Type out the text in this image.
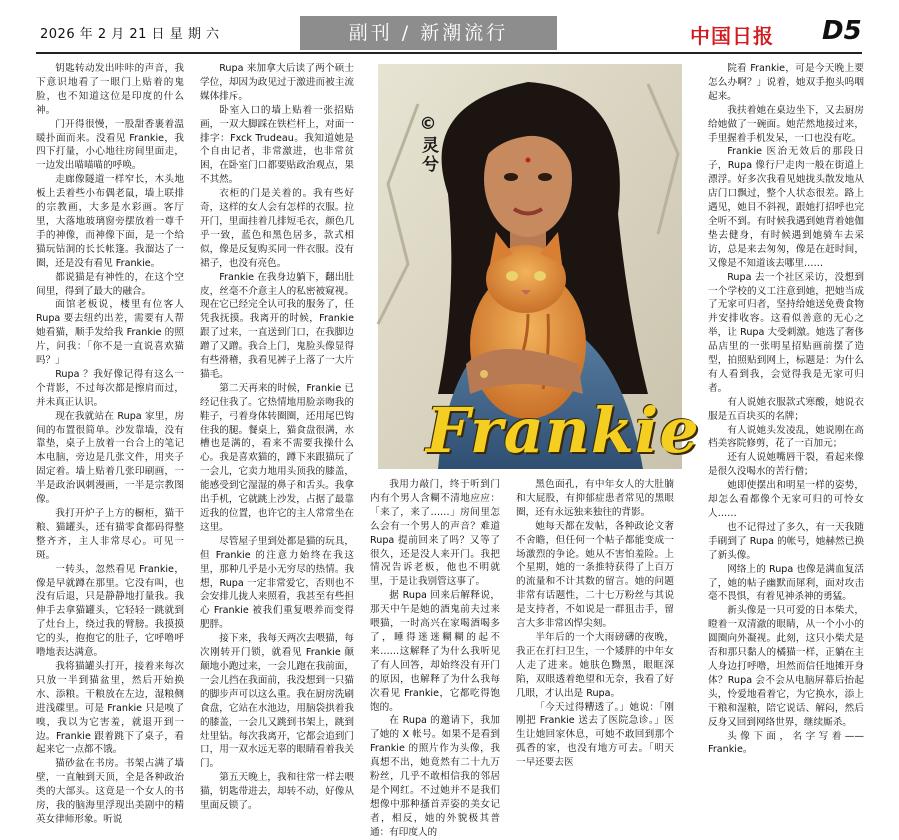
2026 年 2 月 21 日 星 期 六	副刊 / 新潮流行	中国日报 D5

钥匙转动发出咔咔的声音，我下意识地看了一眼门上贴着的鬼脸，也不知道这位是印度的什么神。

门开得很慢，一股甜香裹着温暖扑面而来。没看见 Frankie，我四下打量，小心地往房间里面走，一边发出喵喵喵的呼唤。

走廊像隧道一样窄长，木头地板上丢着些小布偶老鼠，墙上联排的宗教画，大多是水彩画。客厅里，大落地玻璃窗旁摆放着一尊千手的神像，而神像下面，是一个给猫玩钻洞的长长帐篷。我溜达了一圈，还是没有看见 Frankie。

都说猫是有神性的，在这个空间里，得到了最大的融合。

面馆老板说，楼里有位客人 Rupa 要去纽约出差，需要有人帮她看猫，顺手发给我 Frankie 的照片，问我：「你不是一直说喜欢猫吗？」

Rupa ？我好像记得有这么一个背影，不过每次都是擦肩而过，并未真正认识。

现在我就站在 Rupa 家里，房间的布置很简单。沙发靠墙，没有靠垫，桌子上放着一台合上的笔记本电脑，旁边是几张文件，用夹子固定着。墙上贴着几张印刷画，一半是政治讽刺漫画，一半是宗教图像。

我打开炉子上方的橱柜，猫干粮、猫罐头，还有猫零食都码得整整齐齐，主人非常尽心。可见一斑。

一转头，忽然看见 Frankie，像是早就蹲在那里。它没有叫，也没有后退，只是静静地打量我。我伸手去拿猫罐头，它轻轻一跳就到了灶台上，绕过我的臂膀。我摸摸它的头，抱抱它的肚子，它呼噜呼噜地表达满意。

我将猫罐头打开，接着来每次只放一半到猫盆里，然后开始换水、添粮。干粮放在左边，湿粮侧进浅碟里。可是 Frankie 只是嗅了嗅，我以为它害羞，就退开到一边。Frankie 跟着跳下了桌子，看起来它一点都不饿。

猫砂盆在书房。书架占满了墙壁，一直触到天顶，全是各种政治类的大部头。这竟是一个女人的书房，我的脑海里浮现出美剧中的精英女律师形象。听说

Rupa 来加拿大后读了两个硕士学位，却因为政见过于激进而被主流媒体排斥。

卧室入口的墙上贴着一张招贴画，一双大脚踩在铁栏杆上，对面一排字：Fxck Trudeau。我知道她是个自由记者，非常激进，也非常贫困，在卧室门口都要贴政治观点，果不其然。

衣柜的门是关着的。我有些好奇，这样的女人会有怎样的衣服。拉开门，里面挂着几排短毛衣，颜色几乎一致，蓝色和黑色居多，款式相似，像是反复购买同一件衣服。没有裙子，也没有亮色。

Frankie 在我身边躺下，翻出肚皮，丝毫不介意主人的私密被窥视。现在它已经完全认可我的服务了，任凭我抚摸。我离开的时候，Frankie 跟了过来，一直送到门口，在我脚边蹭了又蹭。我合上门，鬼脸头像显得有些滑稽，我看见裤子上落了一大片猫毛。

第二天再来的时候，Frankie 已经记住我了。它热情地用脸亲吻我的鞋子，弓着身体转圈圈，还用尾巴钩住我的腿。餐桌上，猫食盘很满，水槽也是满的，看来不需要我操什么心。我是喜欢猫的，蹲下来跟猫玩了一会儿，它卖力地用头顶我的膝盖，能感受到它湿湿的鼻子和舌头。我拿出手机，它就跳上沙发，占据了最靠近我的位置，也许它的主人常常坐在这里。

尽管屋子里到处都是猫的玩具，但 Frankie 的注意力始终在我这里，那种几乎是小无穷尽的热情。我想，Rupa 一定非常爱它，否则也不会安排儿拢人来照看，我甚至有些担心 Frankie 被我们重复喂养而变得肥胖。

接下来，我每天两次去喂猫，每次刚转开门锁，就看见 Frankie 颠颠地小跑过来，一会儿跑在我前面，一会儿挡在我面前，我没想到一只猫的脚步声可以这么重。我在厨房洗刷食盘，它站在水池边，用脑袋拱着我的膝盖，一会儿又跳到书架上，跳到灶里钻。每次我离开，它都会追到门口，用一双水远无辜的眼睛看着我关门。

第五天晚上，我和往常一样去喂猫，钥匙带进去，却转不动，好像从里面反锁了。

©灵兮
Frankie

我用力敲门，终于听到门内有个男人含糊不清地应应：「来了，来了……」房间里怎么会有一个男人的声音？难道 Rupa 提前回来了吗？又等了很久，还是没人来开门。我把情况告诉老板，他也不明就里，于是让我别管这事了。

据 Rupa 回来后解释说，那天中午是她的酒鬼前夫过来喂猫，一时高兴在家喝酒喝多了，睡得迷迷糊糊的起不来……这解释了为什么我听见了有人回答，却始终没有开门的原因，也解释了为什么我每次看见 Frankie，它都吃得饱饱的。

在 Rupa 的邀请下，我加了她的 X 帐号。如果不是看到 Frankie 的照片作为头像，我真想不出，她竟然有二十九万粉丝，几乎不敢相信我的邻居是个网红。不过她并不是我们想像中那种搔首弄姿的美女记者，相反，她的外貌极其普通：有印度人的

黑色面孔，有中年女人的大肚腩和大屁股，有抑郁症患者常见的黑眼圈，还有永远独来独往的背影。

她每天都在发帖，各种政论文奢不舍瞻，但任何一个帖子都能变成一场激烈的争论。她从不害怕羞险。上个星期，她的一条推特获得了上百万的流量和不计其数的留言。她的问题非常有话题性，二十七万粉丝与其说是支持者，不如说是一群狙击手，留言大多非常凶悍尖刻。

半年后的一个大雨磅礴的夜晚，我正在打扫卫生，一个矮胖的中年女人走了进来。她肤色黝黑，眼眶深陷，双眼透着绝望和无奈，我看了好几眼，才认出是 Rupa。

「今天过得糟透了。」她说：「刚刚把 Frankie 送去了医院急诊。」医生让她回家休息，可她不敢回到那个孤香的家，也没有地方可去。「明天一早还要去医

院看 Frankie，可是今天晚上要怎么办啊？」说着，她双手抱头呜咽起来。

我扶着她在桌边坐下，又去厨房给她做了一碗面。她茫然地接过来，手里握着手机发呆，一口也没有吃。

Frankie 医治无效后的那段日子，Rupa 像行尸走肉一般在街道上漂浮。好多次我看见她拢头散发地从店门口飘过，整个人状态很差。路上遇见，她目不斜视，跟她打招呼也完全听不到。有时候我遇到她背着她伽垫去健身，有时候遇到她骑车去采访，总是来去匆匆，像是在赶时间，又像是不知道该去哪里……

Rupa 去一个社区采访，没想到一个学校的义工注意到她，把她当成了无家可归者，坚持给她送免费食物并安排收容。这看似善意的无心之举，让 Rupa 大受刺激。她选了奢侈品店里的一张明星招贴画前摆了造型，拍照贴到网上，标题是：为什么有人看到我，会觉得我是无家可归者。

有人说她衣服款式寒酸，她说衣服是五百块买的名牌；

有人说她头发凌乱，她说刚在高档美容院修剪，花了一百加元；

还有人说她嘴唇干裂，看起来像是很久没喝水的苦行僧；

她即使摆出和明星一样的姿势，却怎么看都像个无家可归的可怜女人……

也不记得过了多久，有一天我随手刷到了 Rupa 的帐号，她赫然已换了新头像。

网络上的 Rupa 也像是满血复活了，她的帖子幽默而犀利，面对攻击毫不畏惧，有着见神杀神的勇猛。

新头像是一只可爱的日本柴犬，瞪着一双清澈的眼睛，从一个小小的圆圈向外凝视。此刻，这只小柴犬是否和那只黏人的橘猫一样，正躺在主人身边打呼噜，坦然而信任地摊开身体？Rupa 会不会从电脑屏幕后抬起头，怜爱地看着它，为它换水，添上干粮和湿粮，陪它说话、解闷，然后反身又回到网络世界，继续厮杀。

头像下面，名字写着——Frankie。
